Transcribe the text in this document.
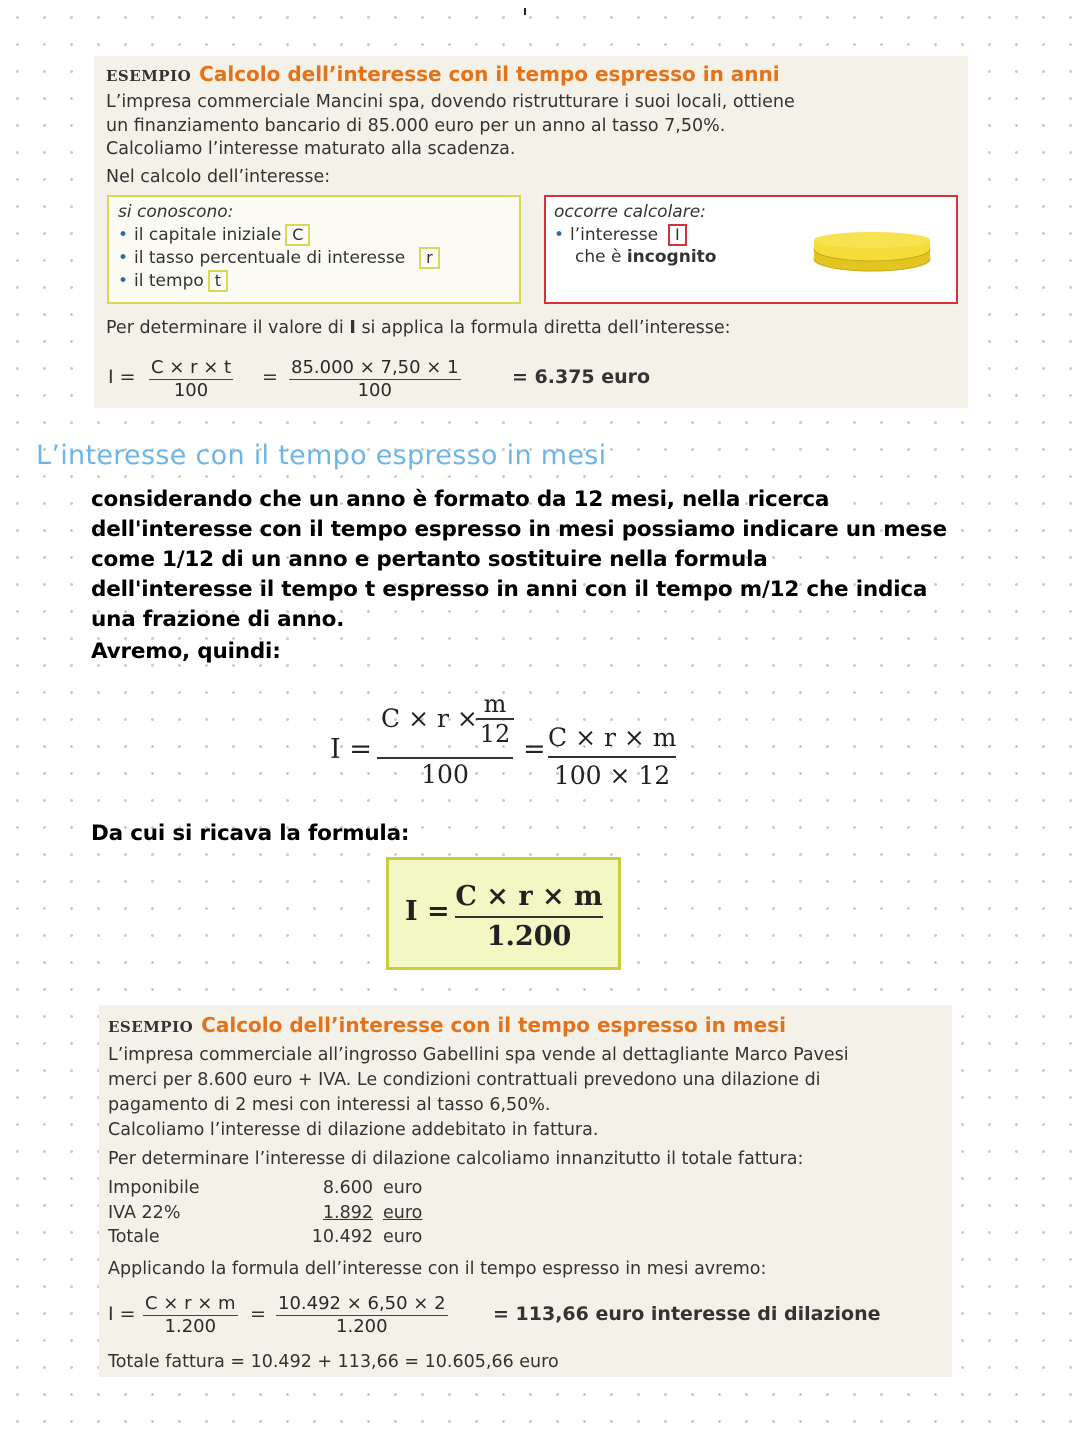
ESEMPIO Calcolo dell’interesse con il tempo espresso in anni
L’impresa commerciale Mancini spa, dovendo ristrutturare i suoi locali, ottiene
un finanziamento bancario di 85.000 euro per un anno al tasso 7,50%.
Calcoliamo l’interesse maturato alla scadenza.
Nel calcolo dell’interesse:
si conoscono:
• il capitale iniziale C
• il tasso percentuale di interesse r
• il tempo t
occorre calcolare:
• l’interesse I
che è incognito
Per determinare il valore di I si applica la formula diretta dell’interesse:
$I = \frac{C \times r \times t}{100} = \frac{85.000 \times 7,50 \times 1}{100}$	= 6.375 euro
L’interesse con il tempo espresso in mesi
considerando che un anno è formato da 12 mesi, nella ricerca
dell'interesse con il tempo espresso in mesi possiamo indicare un mese
come 1/12 di un anno e pertanto sostituire nella formula
dell'interesse il tempo t espresso in anni con il tempo m/12 che indica
una frazione di anno.
Avremo, quindi:
I =
C × r × m
12
100
= C × r × m
100 × 12
Da cui si ricava la formula:
I = C × r × m
1.200
ESEMPIO Calcolo dell’interesse con il tempo espresso in mesi
L’impresa commerciale all’ingrosso Gabellini spa vende al dettagliante Marco Pavesi
merci per 8.600 euro + IVA. Le condizioni contrattuali prevedono una dilazione di
pagamento di 2 mesi con interessi al tasso 6,50%.
Calcoliamo l’interesse di dilazione addebitato in fattura.
Per determinare l’interesse di dilazione calcoliamo innanzitutto il totale fattura:
Imponibile	8.600 euro
IVA 22%	1.892 euro
Totale	10.492 euro
Applicando la formula dell’interesse con il tempo espresso in mesi avremo:
$I = \frac{C \times r \times m}{1.200} = \frac{10.492 \times 6,50 \times 2}{1.200} = 113,66$ euro interesse di dilazione
Totale fattura = 10.492 + 113,66 = 10.605,66 euro
